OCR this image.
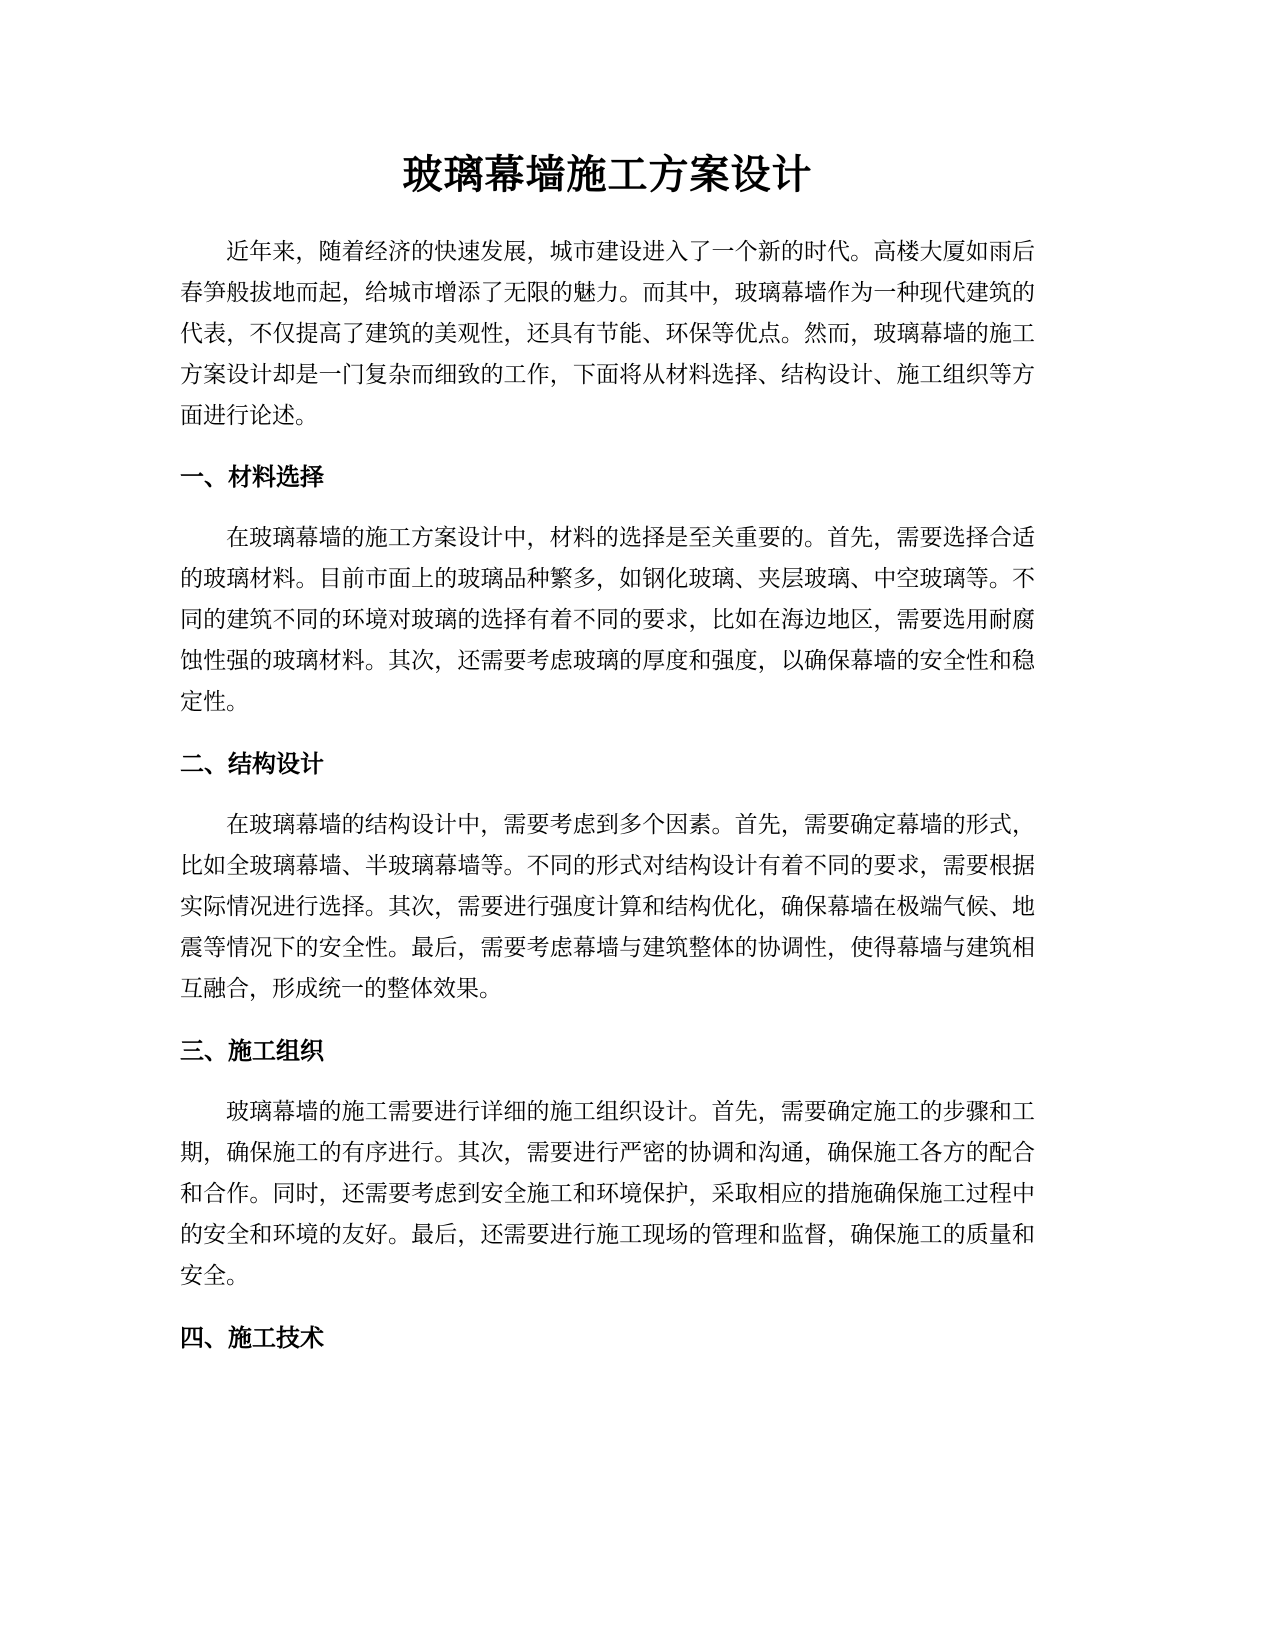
玻璃幕墙施工方案设计

近年来，随着经济的快速发展，城市建设进入了一个新的时代。高楼大厦如雨后春笋般拔地而起，给城市增添了无限的魅力。而其中，玻璃幕墙作为一种现代建筑的代表，不仅提高了建筑的美观性，还具有节能、环保等优点。然而，玻璃幕墙的施工方案设计却是一门复杂而细致的工作，下面将从材料选择、结构设计、施工组织等方面进行论述。

一、材料选择

在玻璃幕墙的施工方案设计中，材料的选择是至关重要的。首先，需要选择合适的玻璃材料。目前市面上的玻璃品种繁多，如钢化玻璃、夹层玻璃、中空玻璃等。不同的建筑不同的环境对玻璃的选择有着不同的要求，比如在海边地区，需要选用耐腐蚀性强的玻璃材料。其次，还需要考虑玻璃的厚度和强度，以确保幕墙的安全性和稳定性。

二、结构设计

在玻璃幕墙的结构设计中，需要考虑到多个因素。首先，需要确定幕墙的形式，比如全玻璃幕墙、半玻璃幕墙等。不同的形式对结构设计有着不同的要求，需要根据实际情况进行选择。其次，需要进行强度计算和结构优化，确保幕墙在极端气候、地震等情况下的安全性。最后，需要考虑幕墙与建筑整体的协调性，使得幕墙与建筑相互融合，形成统一的整体效果。

三、施工组织

玻璃幕墙的施工需要进行详细的施工组织设计。首先，需要确定施工的步骤和工期，确保施工的有序进行。其次，需要进行严密的协调和沟通，确保施工各方的配合和合作。同时，还需要考虑到安全施工和环境保护，采取相应的措施确保施工过程中的安全和环境的友好。最后，还需要进行施工现场的管理和监督，确保施工的质量和安全。

四、施工技术
